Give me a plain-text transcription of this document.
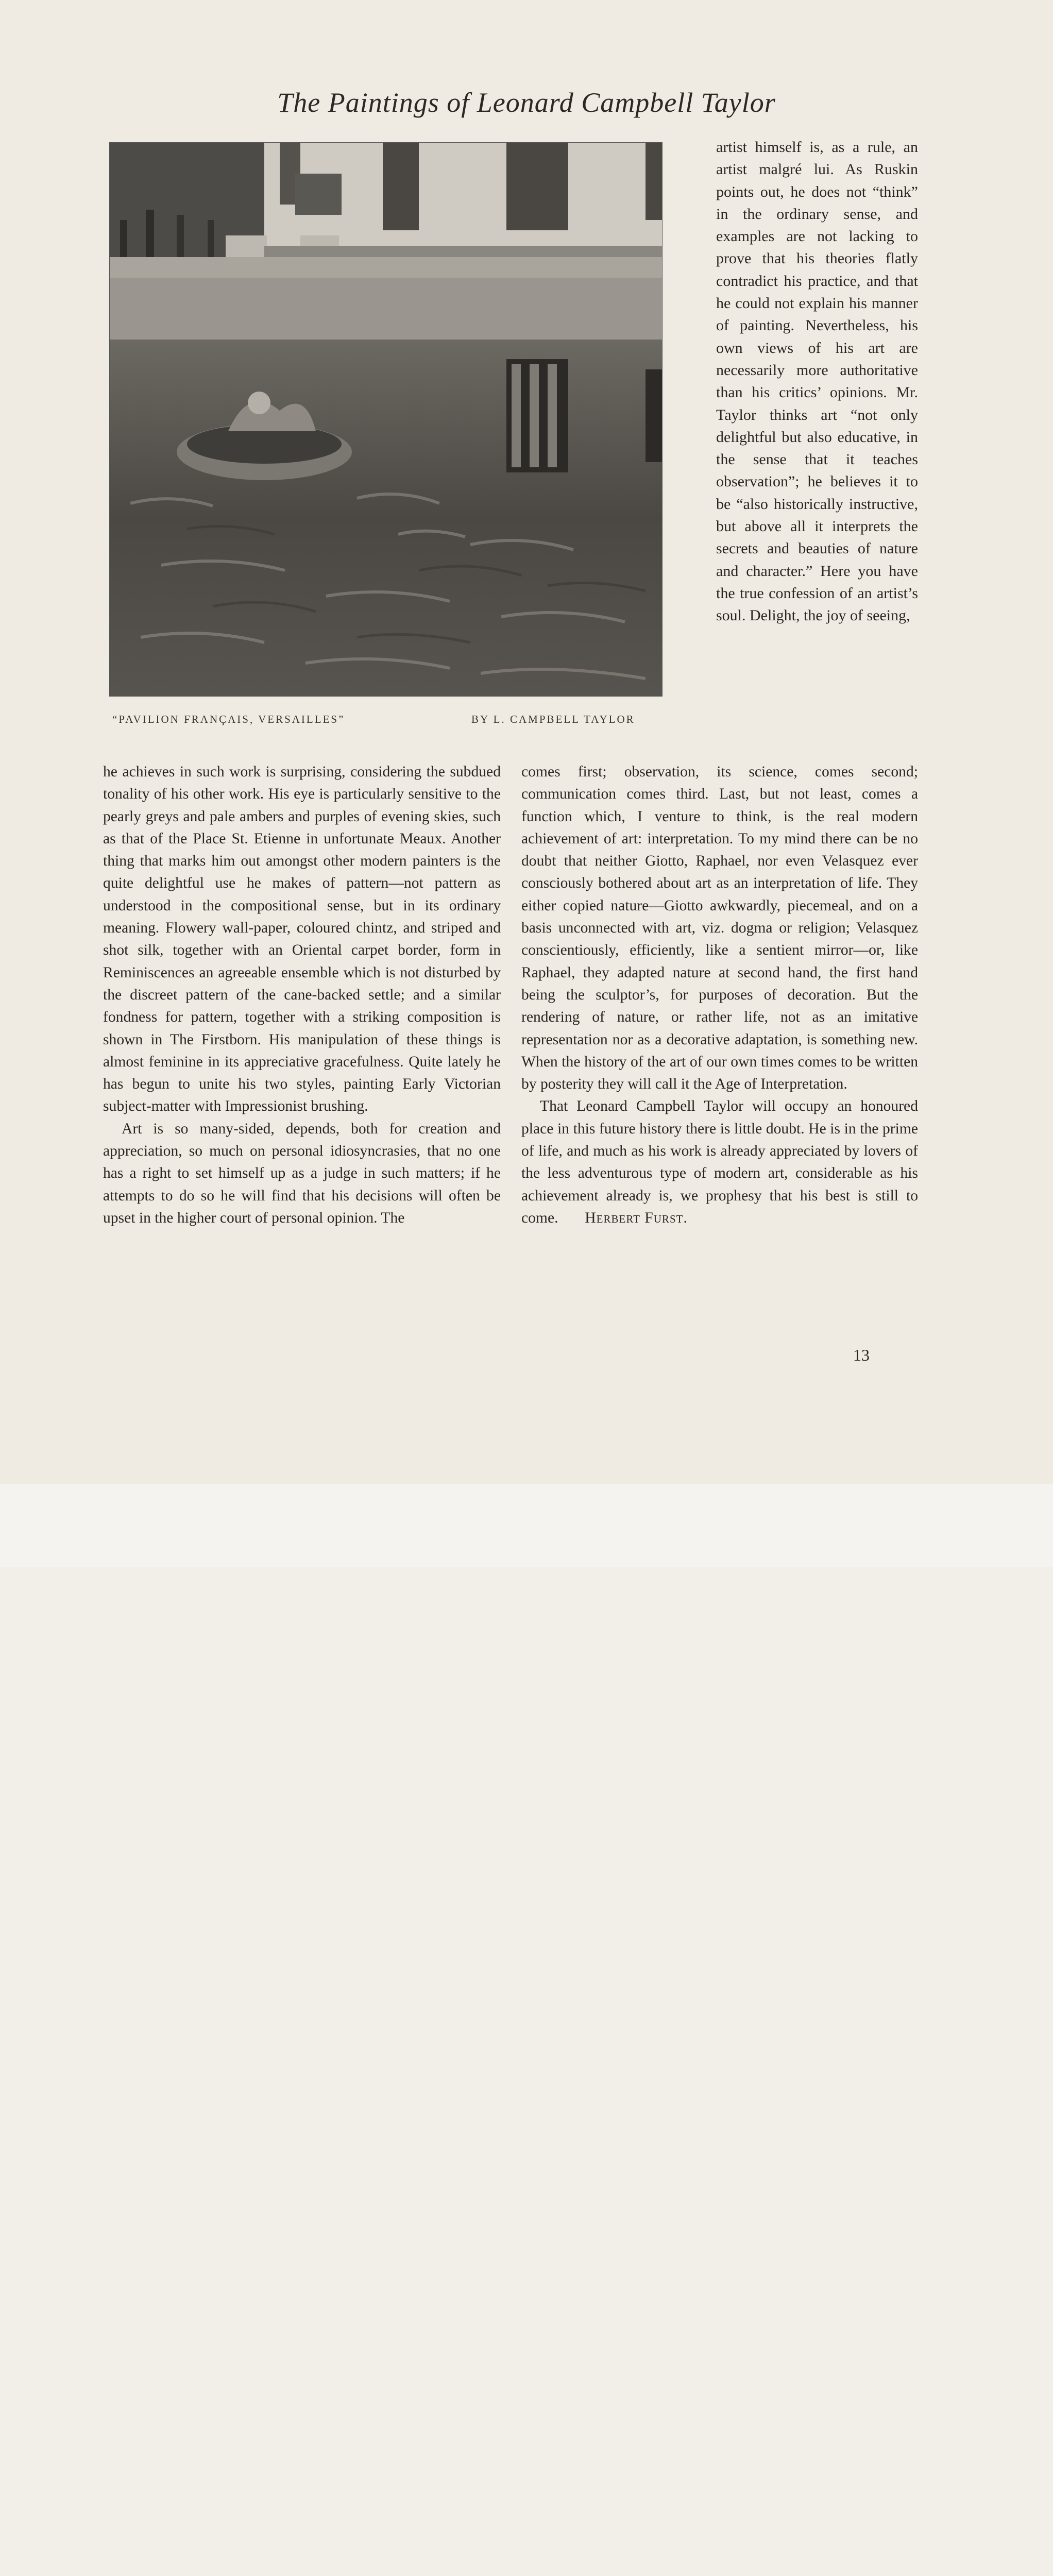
The Paintings of Leonard Campbell Taylor
“PAVILION FRANÇAIS, VERSAILLES”	BY L. CAMPBELL TAYLOR

artist himself is, as a rule, an artist malgré lui. As Ruskin points out, he does not “think” in the ordinary sense, and examples are not lacking to prove that his theories flatly contradict his practice, and that he could not explain his manner of painting. Nevertheless, his own views of his art are necessarily more authoritative than his critics’ opinions. Mr. Taylor thinks art “not only delightful but also educative, in the sense that it teaches observation”; he believes it to be “also historically instructive, but above all it interprets the secrets and beauties of nature and character.” Here you have the true confession of an artist’s soul. Delight, the joy of seeing,

he achieves in such work is surprising, considering the subdued tonality of his other work. His eye is particularly sensitive to the pearly greys and pale ambers and purples of evening skies, such as that of the Place St. Etienne in unfortunate Meaux. Another thing that marks him out amongst other modern painters is the quite delightful use he makes of pattern—not pattern as understood in the compositional sense, but in its ordinary meaning. Flowery wall-paper, coloured chintz, and striped and shot silk, together with an Oriental carpet border, form in Reminiscences an agreeable ensemble which is not disturbed by the discreet pattern of the cane-backed settle; and a similar fondness for pattern, together with a striking composition is shown in The Firstborn. His manipulation of these things is almost feminine in its appreciative gracefulness. Quite lately he has begun to unite his two styles, painting Early Victorian subject-matter with Impressionist brushing.

Art is so many-sided, depends, both for creation and appreciation, so much on personal idiosyncrasies, that no one has a right to set himself up as a judge in such matters; if he attempts to do so he will find that his decisions will often be upset in the higher court of personal opinion. The

comes first; observation, its science, comes second; communication comes third. Last, but not least, comes a function which, I venture to think, is the real modern achievement of art: interpretation. To my mind there can be no doubt that neither Giotto, Raphael, nor even Velasquez ever consciously bothered about art as an interpretation of life. They either copied nature—Giotto awkwardly, piecemeal, and on a basis unconnected with art, viz. dogma or religion; Velasquez conscientiously, efficiently, like a sentient mirror—or, like Raphael, they adapted nature at second hand, the first hand being the sculptor’s, for purposes of decoration. But the rendering of nature, or rather life, not as an imitative representation nor as a decorative adaptation, is something new. When the history of the art of our own times comes to be written by posterity they will call it the Age of Interpretation.

That Leonard Campbell Taylor will occupy an honoured place in this future history there is little doubt. He is in the prime of life, and much as his work is already appreciated by lovers of the less adventurous type of modern art, considerable as his achievement already is, we prophesy that his best is still to come. Herbert Furst.

13
